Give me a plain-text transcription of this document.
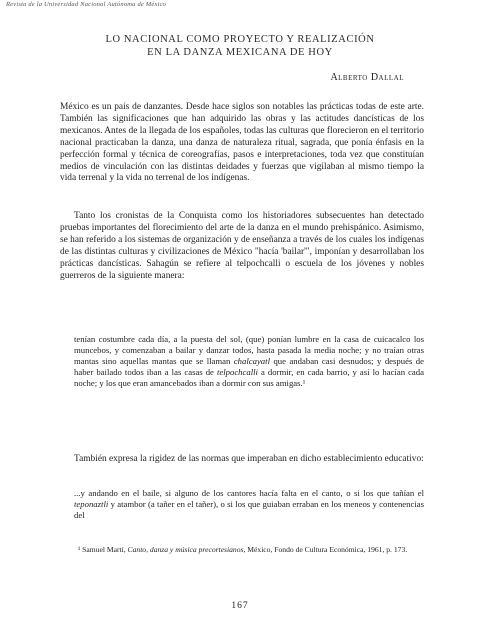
Revista de la Universidad Nacional Autónoma de México
LO NACIONAL COMO PROYECTO Y REALIZACIÓN
EN LA DANZA MEXICANA DE HOY
Alberto Dallal

México es un país de danzantes. Desde hace siglos son notables las prácticas todas de este arte. También las significaciones que han adquirido las obras y las actitudes dancísticas de los mexicanos. Antes de la llegada de los españoles, todas las culturas que florecieron en el territorio nacional practicaban la danza, una danza de naturaleza ritual, sagrada, que ponía énfasis en la perfección formal y técnica de coreografías, pasos e interpretaciones, toda vez que constituían medios de vinculación con las distintas deidades y fuerzas que vigilaban al mismo tiempo la vida terrenal y la vida no terrenal de los indígenas.

Tanto los cronistas de la Conquista como los historiadores subsecuentes han detectado pruebas importantes del florecimiento del arte de la danza en el mundo prehispánico. Asimismo, se han referido a los sistemas de organización y de enseñanza a través de los cuales los indígenas de las distintas culturas y civilizaciones de México "hacía 'bailar'", imponían y desarrollaban los prácticas dancísticas. Sahagún se refiere al telpochcalli o escuela de los jóvenes y nobles guerreros de la siguiente manera:

tenían costumbre cada día, a la puesta del sol, (que) ponían lumbre en la casa de cuicacalco los muncebos, y comenzaban a bailar y danzar todos, hasta pasada la media noche; y no traían otras mantas sino aquellas mantas que se llaman chalcayatl que andaban casi desnudos; y después de haber bailado todos iban a las casas de telpochcalli a dormir, en cada barrio, y así lo hacían cada noche; y los que eran amancebados iban a dormir con sus amigas.¹

También expresa la rigidez de las normas que imperaban en dicho establecimiento educativo:

...y andando en el baile, si alguno de los cantores hacía falta en el canto, o si los que tañían el teponaztli y atambor (a tañer en el tañer), o si los que guiaban erraban en los meneos y contenencias del

¹ Samuel Martí, Canto, danza y música precortesianos, México, Fondo de Cultura Económica, 1961, p. 173.

167
